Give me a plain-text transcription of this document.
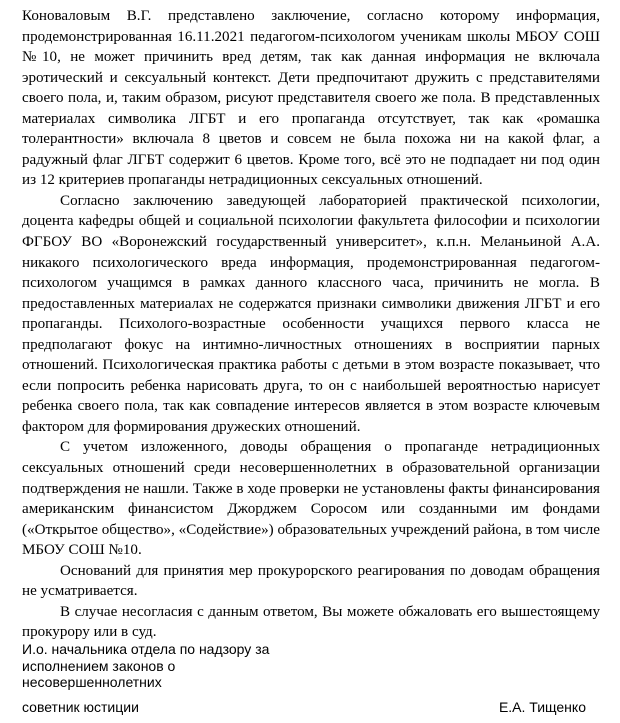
Коноваловым В.Г. представлено заключение, согласно которому информация, продемонстрированная 16.11.2021 педагогом-психологом ученикам школы МБОУ СОШ №10, не может причинить вред детям, так как данная информация не включала эротический и сексуальный контекст. Дети предпочитают дружить с представителями своего пола, и, таким образом, рисуют представителя своего же пола. В представленных материалах символика ЛГБТ и его пропаганда отсутствует, так как «ромашка толерантности» включала 8 цветов и совсем не была похожа ни на какой флаг, а радужный флаг ЛГБТ содержит 6 цветов. Кроме того, всё это не подпадает ни под один из 12 критериев пропаганды нетрадиционных сексуальных отношений.

Согласно заключению заведующей лабораторией практической психологии, доцента кафедры общей и социальной психологии факультета философии и психологии ФГБОУ ВО «Воронежский государственный университет», к.п.н. Меланьиной А.А. никакого психологического вреда информация, продемонстрированная педагогом-психологом учащимся в рамках данного классного часа, причинить не могла. В предоставленных материалах не содержатся признаки символики движения ЛГБТ и его пропаганды. Психолого-возрастные особенности учащихся первого класса не предполагают фокус на интимно-личностных отношениях в восприятии парных отношений. Психологическая практика работы с детьми в этом возрасте показывает, что если попросить ребенка нарисовать друга, то он с наибольшей вероятностью нарисует ребенка своего пола, так как совпадение интересов является в этом возрасте ключевым фактором для формирования дружеских отношений.

С учетом изложенного, доводы обращения о пропаганде нетрадиционных сексуальных отношений среди несовершеннолетних в образовательной организации подтверждения не нашли. Также в ходе проверки не установлены факты финансирования американским финансистом Джорджем Соросом или созданными им фондами («Открытое общество», «Содействие») образовательных учреждений района, в том числе МБОУ СОШ №10.

Оснований для принятия мер прокурорского реагирования по доводам обращения не усматривается.

В случае несогласия с данным ответом, Вы можете обжаловать его вышестоящему прокурору или в суд.

И.о. начальника отдела по надзору за
исполнением законов о
несовершеннолетних
советник юстиции	Е.А. Тищенко
